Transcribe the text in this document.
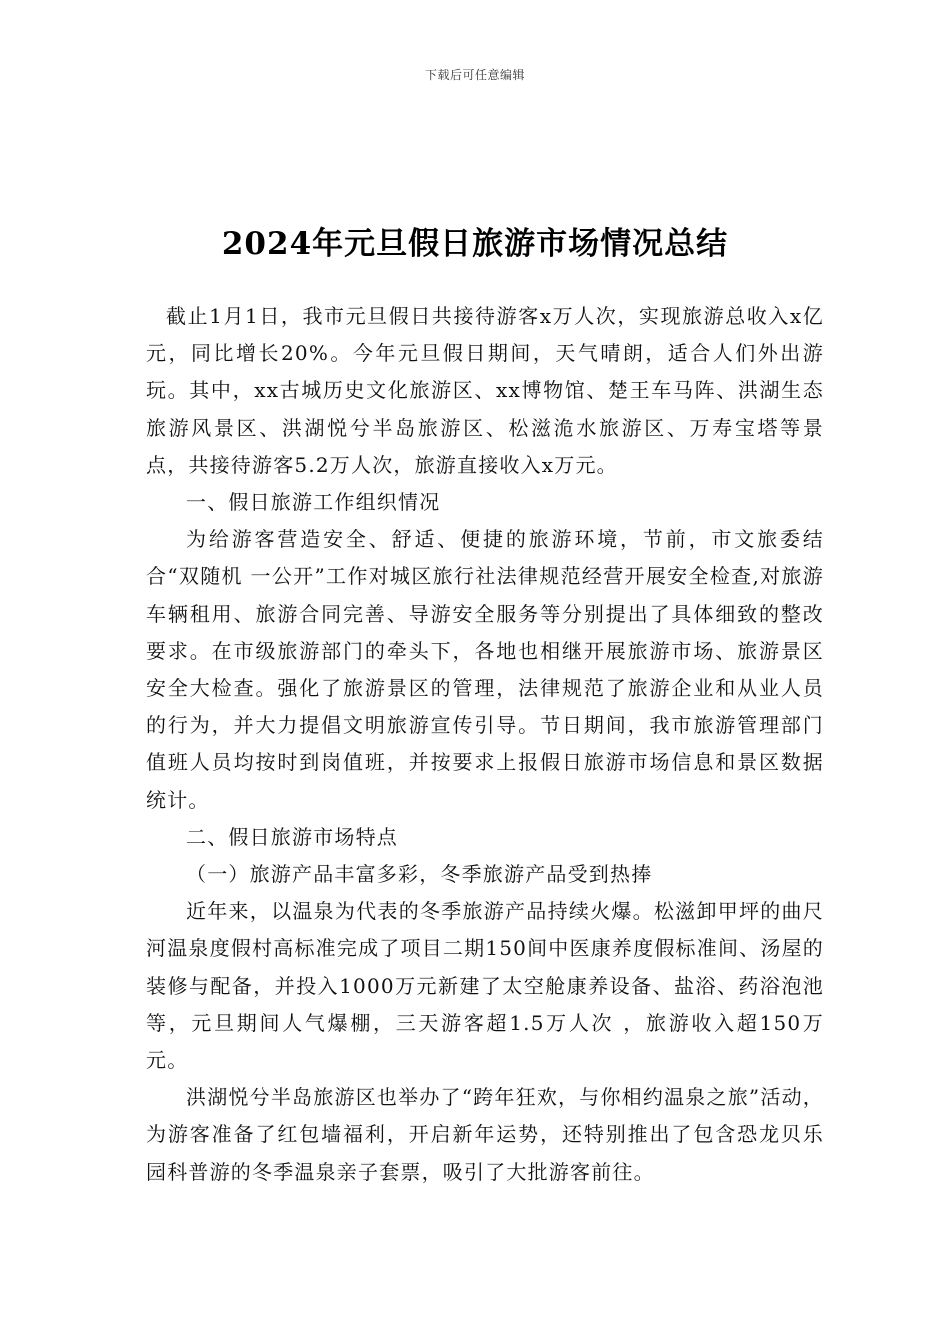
下载后可任意编辑
2024年元旦假日旅游市场情况总结

截止1月1日，我市元旦假日共接待游客x万人次，实现旅游总收入x亿元，同比增长20%。今年元旦假日期间，天气晴朗，适合人们外出游玩。其中，xx古城历史文化旅游区、xx博物馆、楚王车马阵、洪湖生态旅游风景区、洪湖悦兮半岛旅游区、松滋洈水旅游区、万寿宝塔等景点，共接待游客5.2万人次，旅游直接收入x万元。

一、假日旅游工作组织情况

为给游客营造安全、舒适、便捷的旅游环境，节前，市文旅委结合“双随机 一公开”工作对城区旅行社法律规范经营开展安全检查,对旅游车辆租用、旅游合同完善、导游安全服务等分别提出了具体细致的整改要求。在市级旅游部门的牵头下，各地也相继开展旅游市场、旅游景区安全大检查。强化了旅游景区的管理，法律规范了旅游企业和从业人员的行为，并大力提倡文明旅游宣传引导。节日期间，我市旅游管理部门值班人员均按时到岗值班，并按要求上报假日旅游市场信息和景区数据统计。

二、假日旅游市场特点

（一）旅游产品丰富多彩，冬季旅游产品受到热捧

近年来，以温泉为代表的冬季旅游产品持续火爆。松滋卸甲坪的曲尺河温泉度假村高标准完成了项目二期150间中医康养度假标准间、汤屋的装修与配备，并投入1000万元新建了太空舱康养设备、盐浴、药浴泡池等，元旦期间人气爆棚，三天游客超1.5万人次 ，旅游收入超150万元。

洪湖悦兮半岛旅游区也举办了“跨年狂欢，与你相约温泉之旅”活动，为游客准备了红包墙福利，开启新年运势，还特别推出了包含恐龙贝乐园科普游的冬季温泉亲子套票，吸引了大批游客前往。
